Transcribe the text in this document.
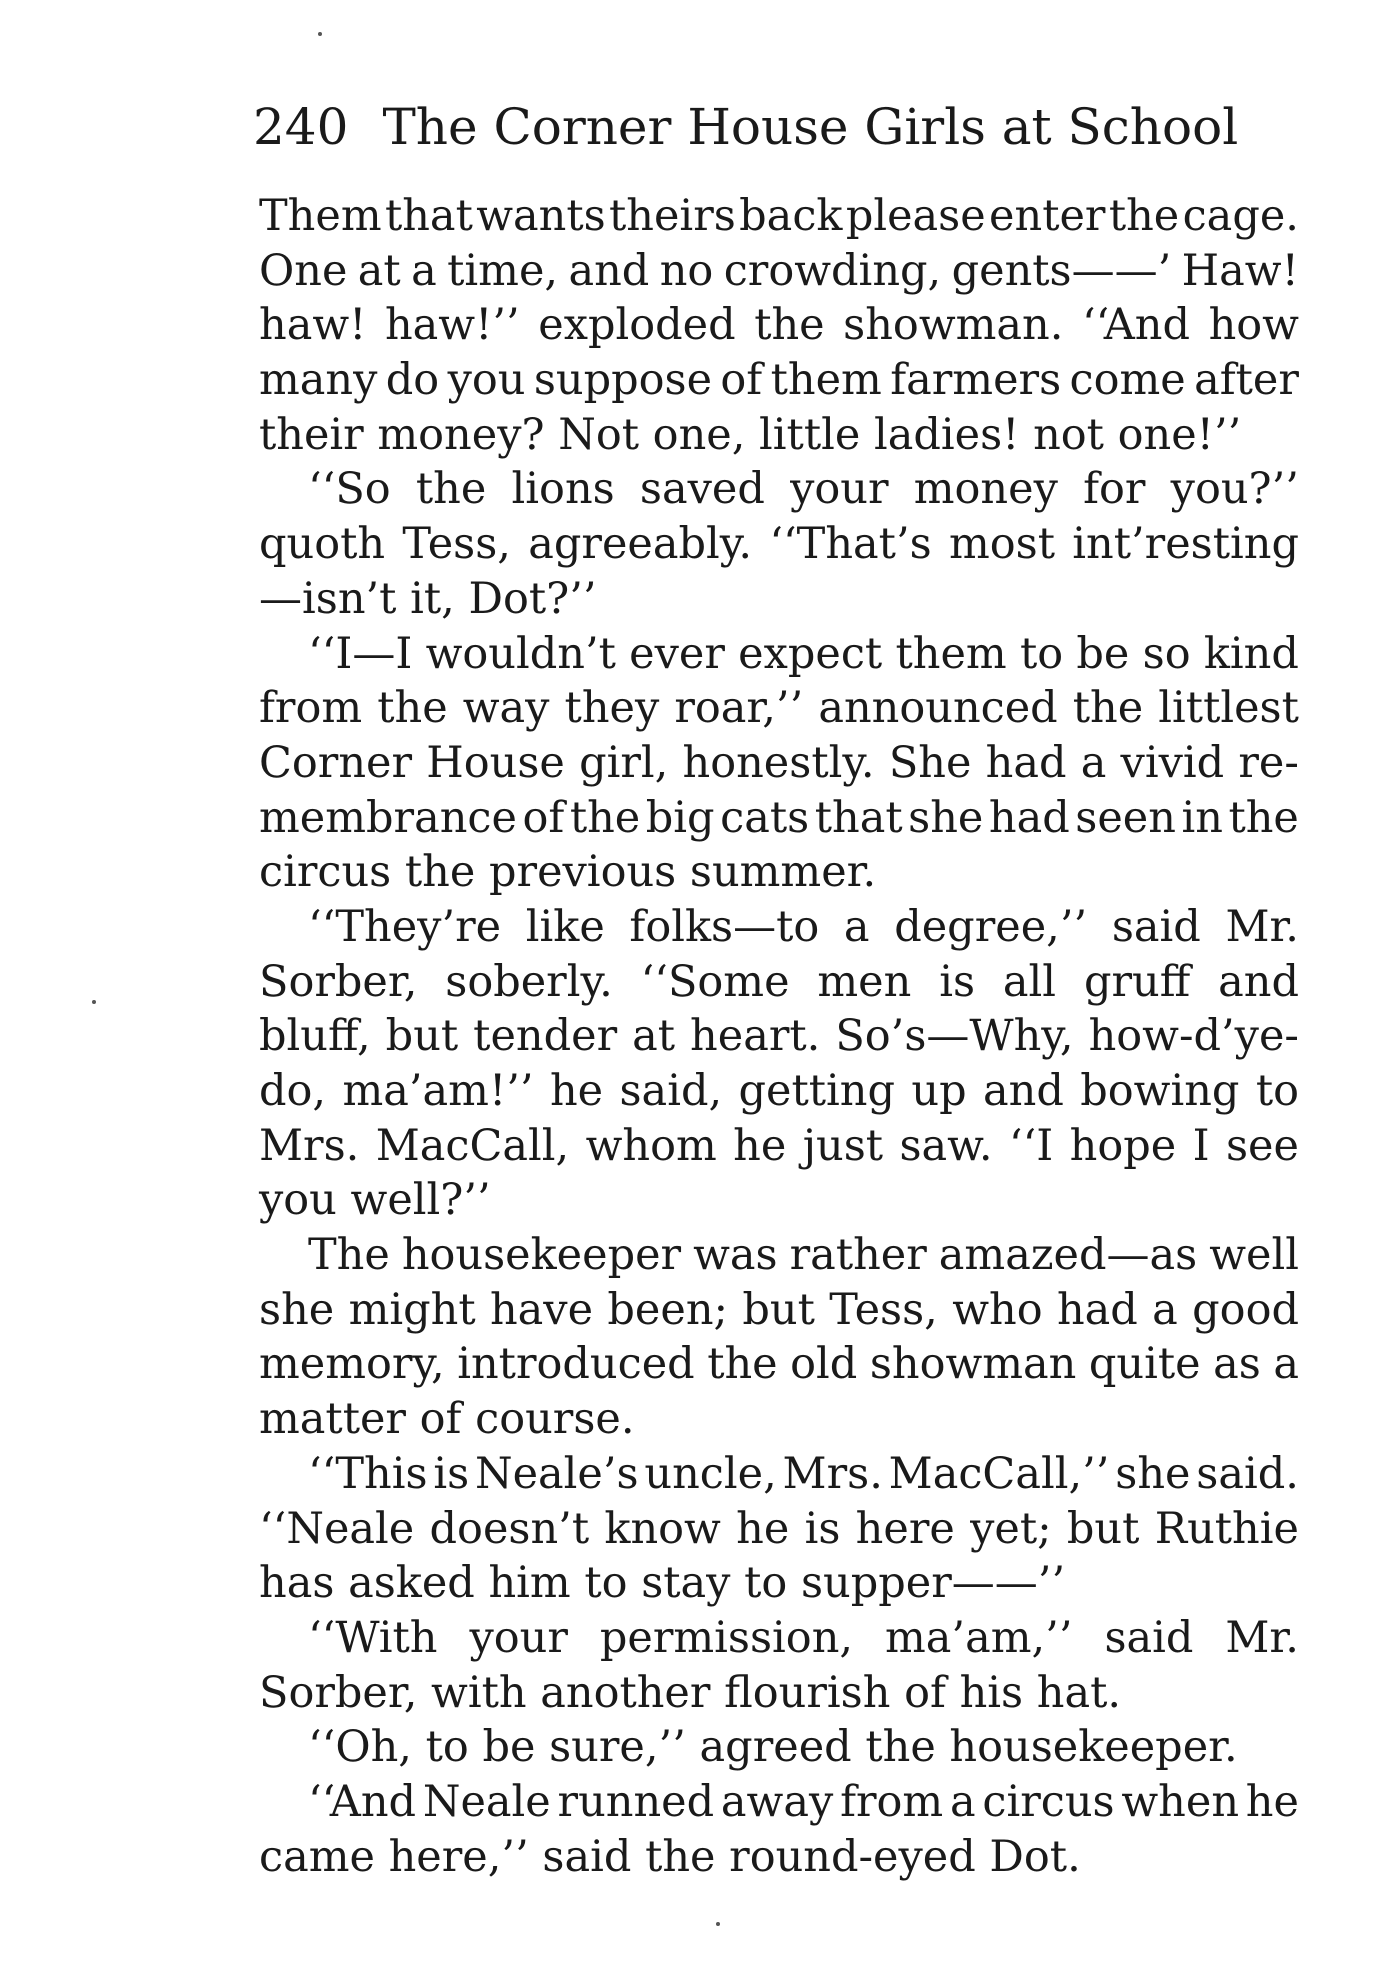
240 The Corner House Girls at School
Them that wants theirs back please enter the cage.
One at a time, and no crowding, gents——’ Haw!
haw! haw!’’ exploded the showman. ‘‘And how
many do you suppose of them farmers come after
their money? Not one, little ladies! not one!’’
‘‘So the lions saved your money for you?’’
quoth Tess, agreeably. ‘‘That’s most int’resting
—isn’t it, Dot?’’
‘‘I—I wouldn’t ever expect them to be so kind
from the way they roar,’’ announced the littlest
Corner House girl, honestly. She had a vivid re-
membrance of the big cats that she had seen in the
circus the previous summer.
‘‘They’re like folks—to a degree,’’ said Mr.
Sorber, soberly. ‘‘Some men is all gruff and
bluff, but tender at heart. So’s—Why, how-d’ye-
do, ma’am!’’ he said, getting up and bowing to
Mrs. MacCall, whom he just saw. ‘‘I hope I see
you well?’’
The housekeeper was rather amazed—as well
she might have been; but Tess, who had a good
memory, introduced the old showman quite as a
matter of course.
‘‘This is Neale’s uncle, Mrs. MacCall,’’ she said.
‘‘Neale doesn’t know he is here yet; but Ruthie
has asked him to stay to supper——’’
‘‘With your permission, ma’am,’’ said Mr.
Sorber, with another flourish of his hat.
‘‘Oh, to be sure,’’ agreed the housekeeper.
‘‘And Neale runned away from a circus when he
came here,’’ said the round-eyed Dot.
